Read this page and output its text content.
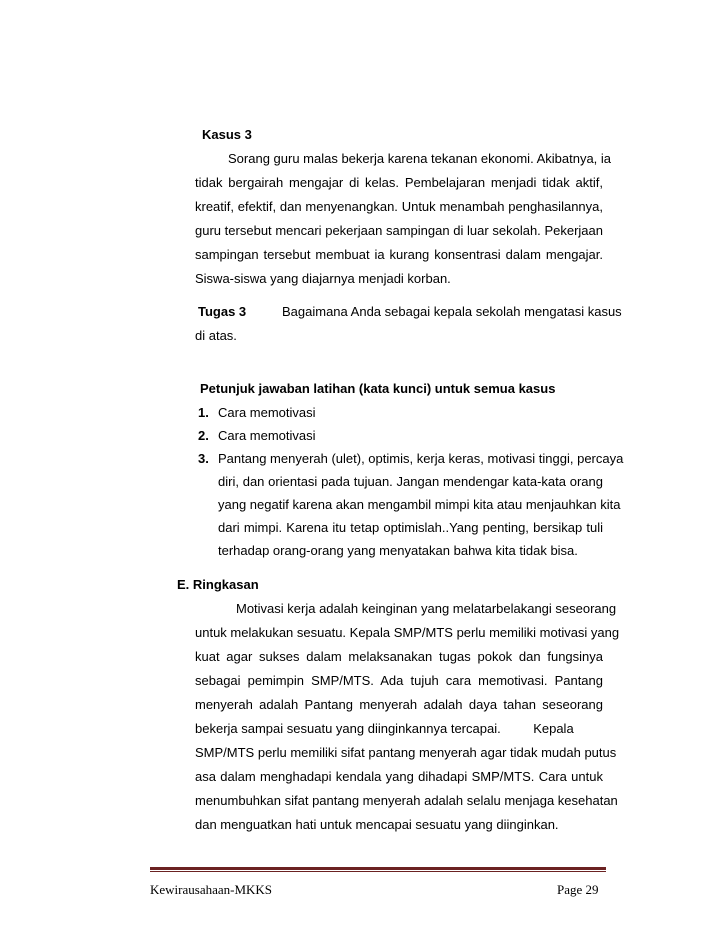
Kasus 3
Sorang guru malas bekerja karena tekanan ekonomi. Akibatnya, ia
tidak bergairah mengajar di kelas. Pembelajaran menjadi tidak aktif,
kreatif, efektif, dan menyenangkan. Untuk menambah penghasilannya,
guru tersebut mencari pekerjaan sampingan di luar sekolah. Pekerjaan
sampingan tersebut membuat ia kurang konsentrasi dalam mengajar.
Siswa-siswa yang diajarnya menjadi korban.
Tugas 3	Bagaimana Anda sebagai kepala sekolah mengatasi kasus
di atas.
Petunjuk jawaban latihan (kata kunci) untuk semua kasus
1. Cara memotivasi
2. Cara memotivasi
3. Pantang menyerah (ulet), optimis, kerja keras, motivasi tinggi, percaya
diri, dan orientasi pada tujuan. Jangan mendengar kata-kata orang
yang negatif karena akan mengambil mimpi kita atau menjauhkan kita
dari mimpi. Karena itu tetap optimislah..Yang penting, bersikap tuli
terhadap orang-orang yang menyatakan bahwa kita tidak bisa.
E. Ringkasan
Motivasi kerja adalah keinginan yang melatarbelakangi seseorang
untuk melakukan sesuatu. Kepala SMP/MTS perlu memiliki motivasi yang
kuat agar sukses dalam melaksanakan tugas pokok dan fungsinya
sebagai pemimpin SMP/MTS. Ada tujuh cara memotivasi. Pantang
menyerah adalah Pantang menyerah adalah daya tahan seseorang
bekerja sampai sesuatu yang diinginkannya tercapai.         Kepala
SMP/MTS perlu memiliki sifat pantang menyerah agar tidak mudah putus
asa dalam menghadapi kendala yang dihadapi SMP/MTS. Cara untuk
menumbuhkan sifat pantang menyerah adalah selalu menjaga kesehatan
dan menguatkan hati untuk mencapai sesuatu yang diinginkan.
Kewirausahaan-MKKS	Page 29
